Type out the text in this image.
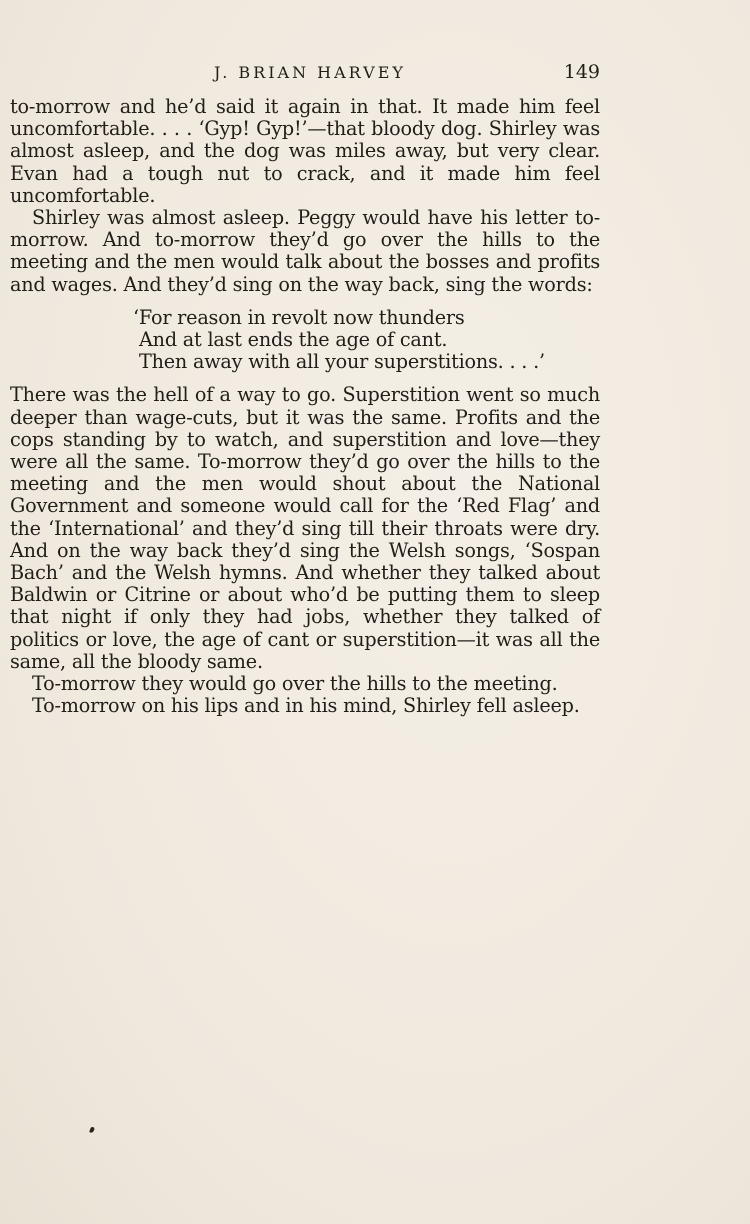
J. BRIAN HARVEY	149

to-morrow and he’d said it again in that. It made him feel uncomfortable. . . . ‘Gyp! Gyp!’—that bloody dog. Shirley was almost asleep, and the dog was miles away, but very clear. Evan had a tough nut to crack, and it made him feel uncomfortable.

Shirley was almost asleep. Peggy would have his letter to-morrow. And to-morrow they’d go over the hills to the meeting and the men would talk about the bosses and profits and wages. And they’d sing on the way back, sing the words:

‘For reason in revolt now thunders
And at last ends the age of cant.
Then away with all your superstitions. . . .’

There was the hell of a way to go. Superstition went so much deeper than wage-cuts, but it was the same. Profits and the cops standing by to watch, and superstition and love—they were all the same. To-morrow they’d go over the hills to the meeting and the men would shout about the National Government and someone would call for the ‘Red Flag’ and the ‘International’ and they’d sing till their throats were dry. And on the way back they’d sing the Welsh songs, ‘Sospan Bach’ and the Welsh hymns. And whether they talked about Baldwin or Citrine or about who’d be putting them to sleep that night if only they had jobs, whether they talked of politics or love, the age of cant or superstition—it was all the same, all the bloody same.

To-morrow they would go over the hills to the meeting.

To-morrow on his lips and in his mind, Shirley fell asleep.
